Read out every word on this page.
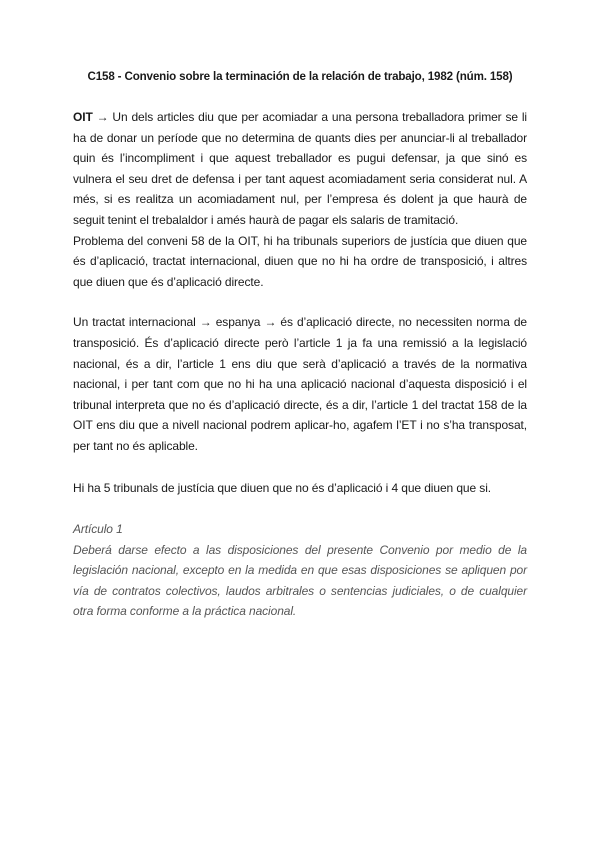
C158 - Convenio sobre la terminación de la relación de trabajo, 1982 (núm. 158)

OIT → Un dels articles diu que per acomiadar a una persona treballadora primer se li ha de donar un període que no determina de quants dies per anunciar-li al treballador quin és l’incompliment i que aquest treballador es pugui defensar, ja que sinó es vulnera el seu dret de defensa i per tant aquest acomiadament seria considerat nul. A més, si es realitza un acomiadament nul, per l’empresa és dolent ja que haurà de seguit tenint el trebalaldor i amés haurà de pagar els salaris de tramitació.

Problema del conveni 58 de la OIT, hi ha tribunals superiors de justícia que diuen que és d’aplicació, tractat internacional, diuen que no hi ha ordre de transposició, i altres que diuen que és d’aplicació directe.

Un tractat internacional → espanya → és d’aplicació directe, no necessiten norma de transposició. És d’aplicació directe però l’article 1 ja fa una remissió a la legislació nacional, és a dir, l’article 1 ens diu que serà d’aplicació a través de la normativa nacional, i per tant com que no hi ha una aplicació nacional d’aquesta disposició i el tribunal interpreta que no és d’aplicació directe, és a dir, l’article 1 del tractat 158 de la OIT ens diu que a nivell nacional podrem aplicar-ho, agafem l’ET i no s’ha transposat, per tant no és aplicable.

Hi ha 5 tribunals de justícia que diuen que no és d’aplicació i 4 que diuen que si.

Artículo 1

Deberá darse efecto a las disposiciones del presente Convenio por medio de la legislación nacional, excepto en la medida en que esas disposiciones se apliquen por vía de contratos colectivos, laudos arbitrales o sentencias judiciales, o de cualquier otra forma conforme a la práctica nacional.
